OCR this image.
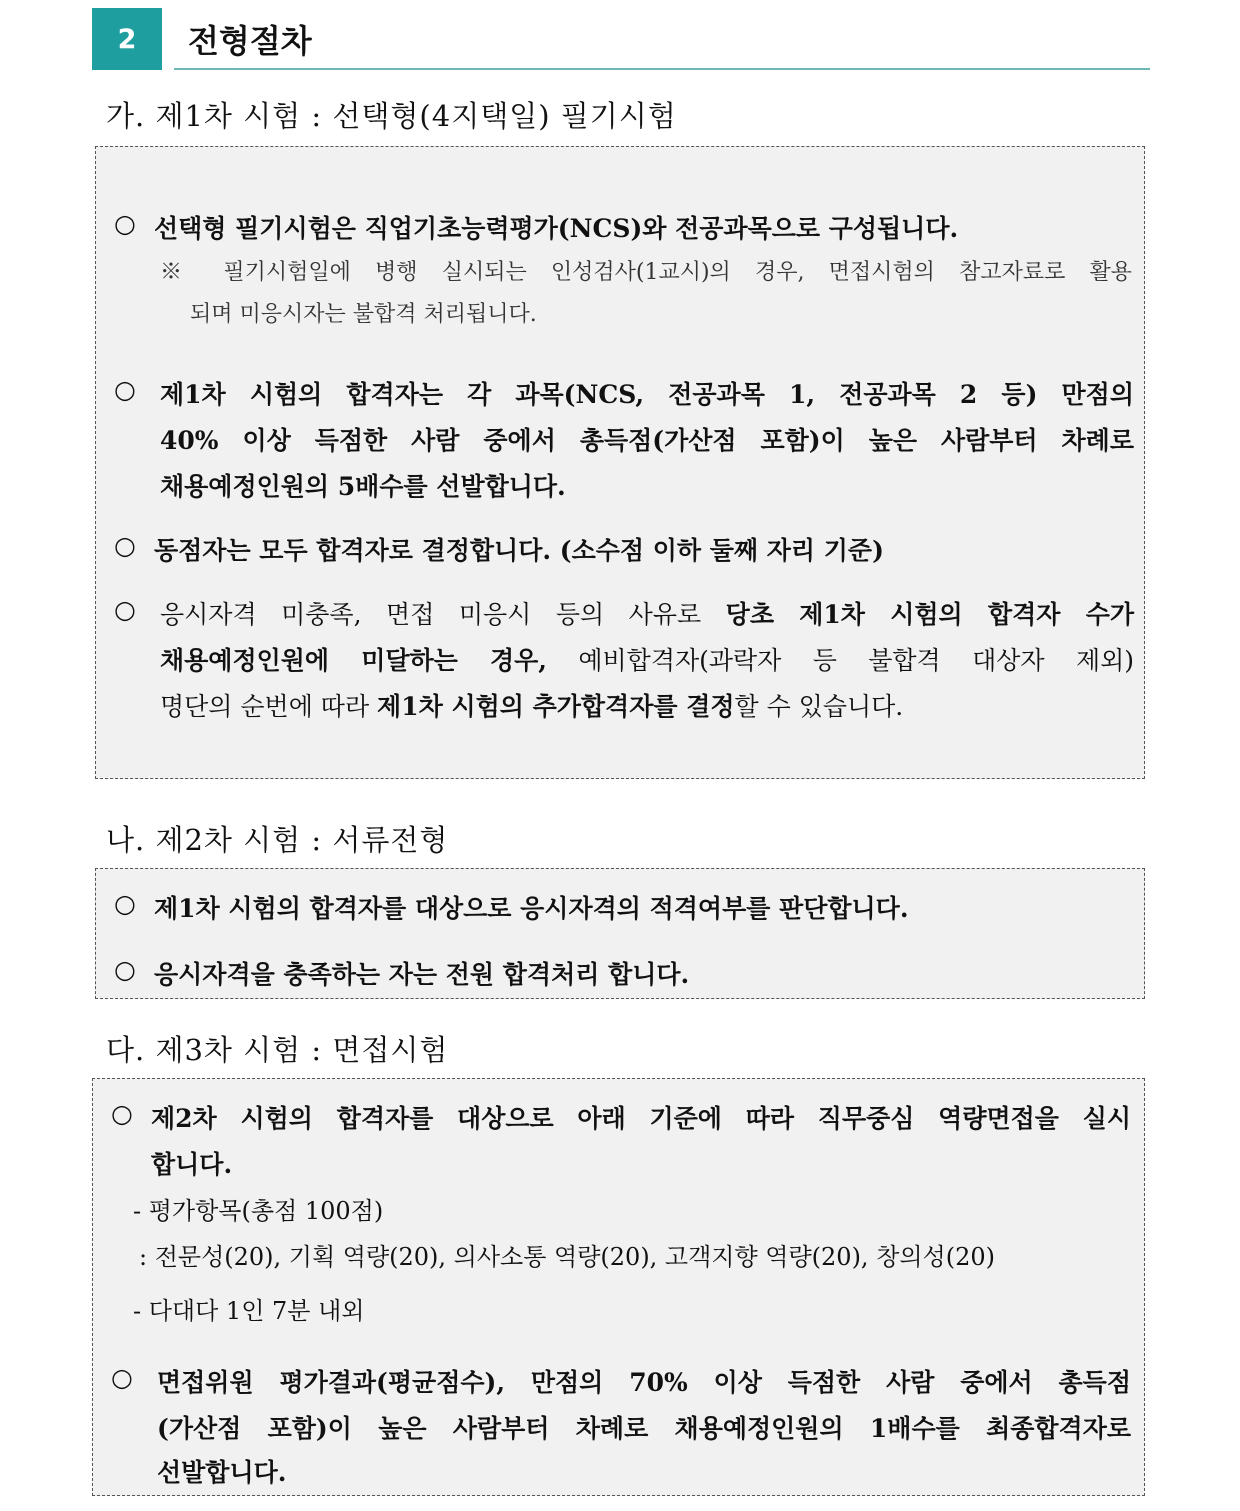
2	전형절차
가. 제1차 시험 : 선택형(4지택일) 필기시험
○ 선택형 필기시험은 직업기초능력평가(NCS)와 전공과목으로 구성됩니다.
※ 필기시험일에 병행 실시되는 인성검사(1교시)의 경우, 면접시험의 참고자료로 활용
되며 미응시자는 불합격 처리됩니다.
○ 제1차 시험의 합격자는 각 과목(NCS, 전공과목 1, 전공과목 2 등) 만점의
40% 이상 득점한 사람 중에서 총득점(가산점 포함)이 높은 사람부터 차례로
채용예정인원의 5배수를 선발합니다.
○ 동점자는 모두 합격자로 결정합니다. (소수점 이하 둘째 자리 기준)
○ 응시자격 미충족, 면접 미응시 등의 사유로 당초 제1차 시험의 합격자 수가
채용예정인원에 미달하는 경우, 예비합격자(과락자 등 불합격 대상자 제외)
명단의 순번에 따라 제1차 시험의 추가합격자를 결정할 수 있습니다.
나. 제2차 시험 : 서류전형
○ 제1차 시험의 합격자를 대상으로 응시자격의 적격여부를 판단합니다.
○ 응시자격을 충족하는 자는 전원 합격처리 합니다.
다. 제3차 시험 : 면접시험
○ 제2차 시험의 합격자를 대상으로 아래 기준에 따라 직무중심 역량면접을 실시
합니다.
- 평가항목(총점 100점)
: 전문성(20), 기획 역량(20), 의사소통 역량(20), 고객지향 역량(20), 창의성(20)
- 다대다 1인 7분 내외
○ 면접위원 평가결과(평균점수), 만점의 70% 이상 득점한 사람 중에서 총득점
(가산점 포함)이 높은 사람부터 차례로 채용예정인원의 1배수를 최종합격자로
선발합니다.
